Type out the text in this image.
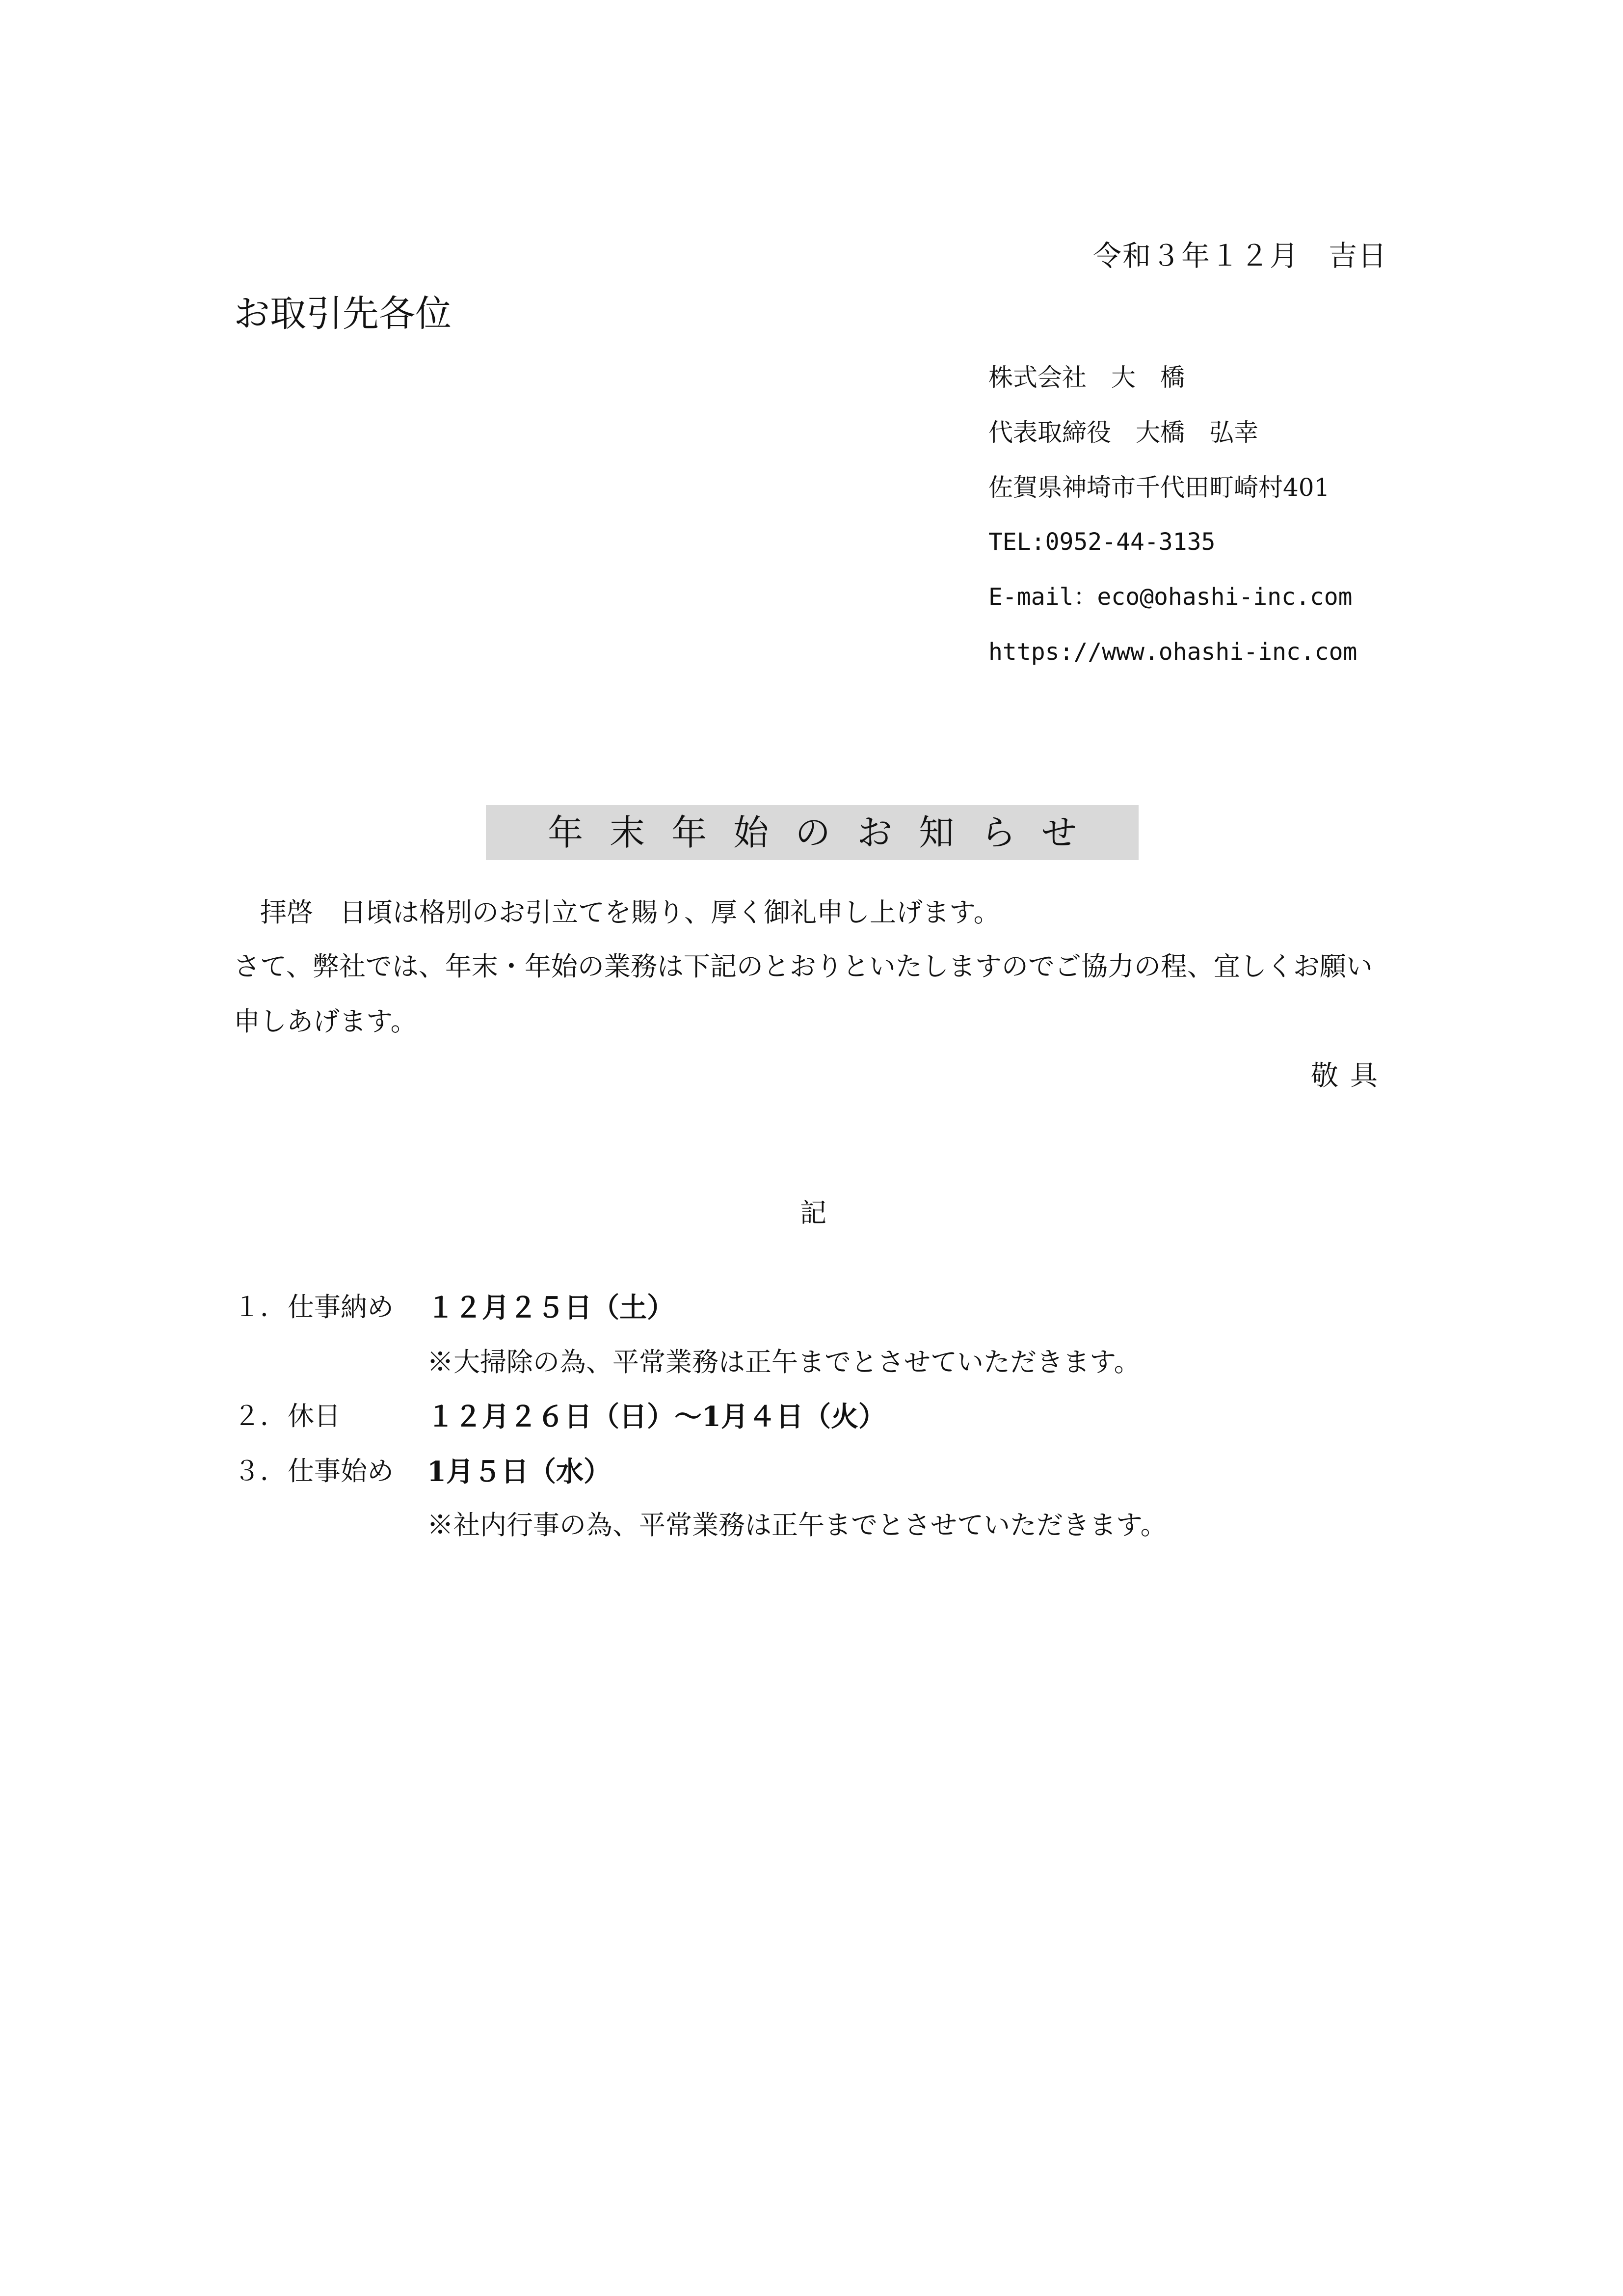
令和３年１２月　吉日
お取引先各位
株式会社　大　橋
代表取締役　大橋　弘幸
佐賀県神埼市千代田町崎村401
TEL:0952-44-3135
E-mail：eco@ohashi-inc.com
https://www.ohashi-inc.com
年末年始のお知らせ
拝啓　日頃は格別のお引立てを賜り、厚く御礼申し上げます。
さて、弊社では、年末・年始の業務は下記のとおりといたしますのでご協力の程、宜しくお願い
申しあげます。
敬具
記
１． 仕事納め １２月２５日（土）
※大掃除の為、平常業務は正午までとさせていただきます。
２． 休日	１２月２６日（日）～1月４日（火）
３． 仕事始め 1月５日（水）
※社内行事の為、平常業務は正午までとさせていただきます。
